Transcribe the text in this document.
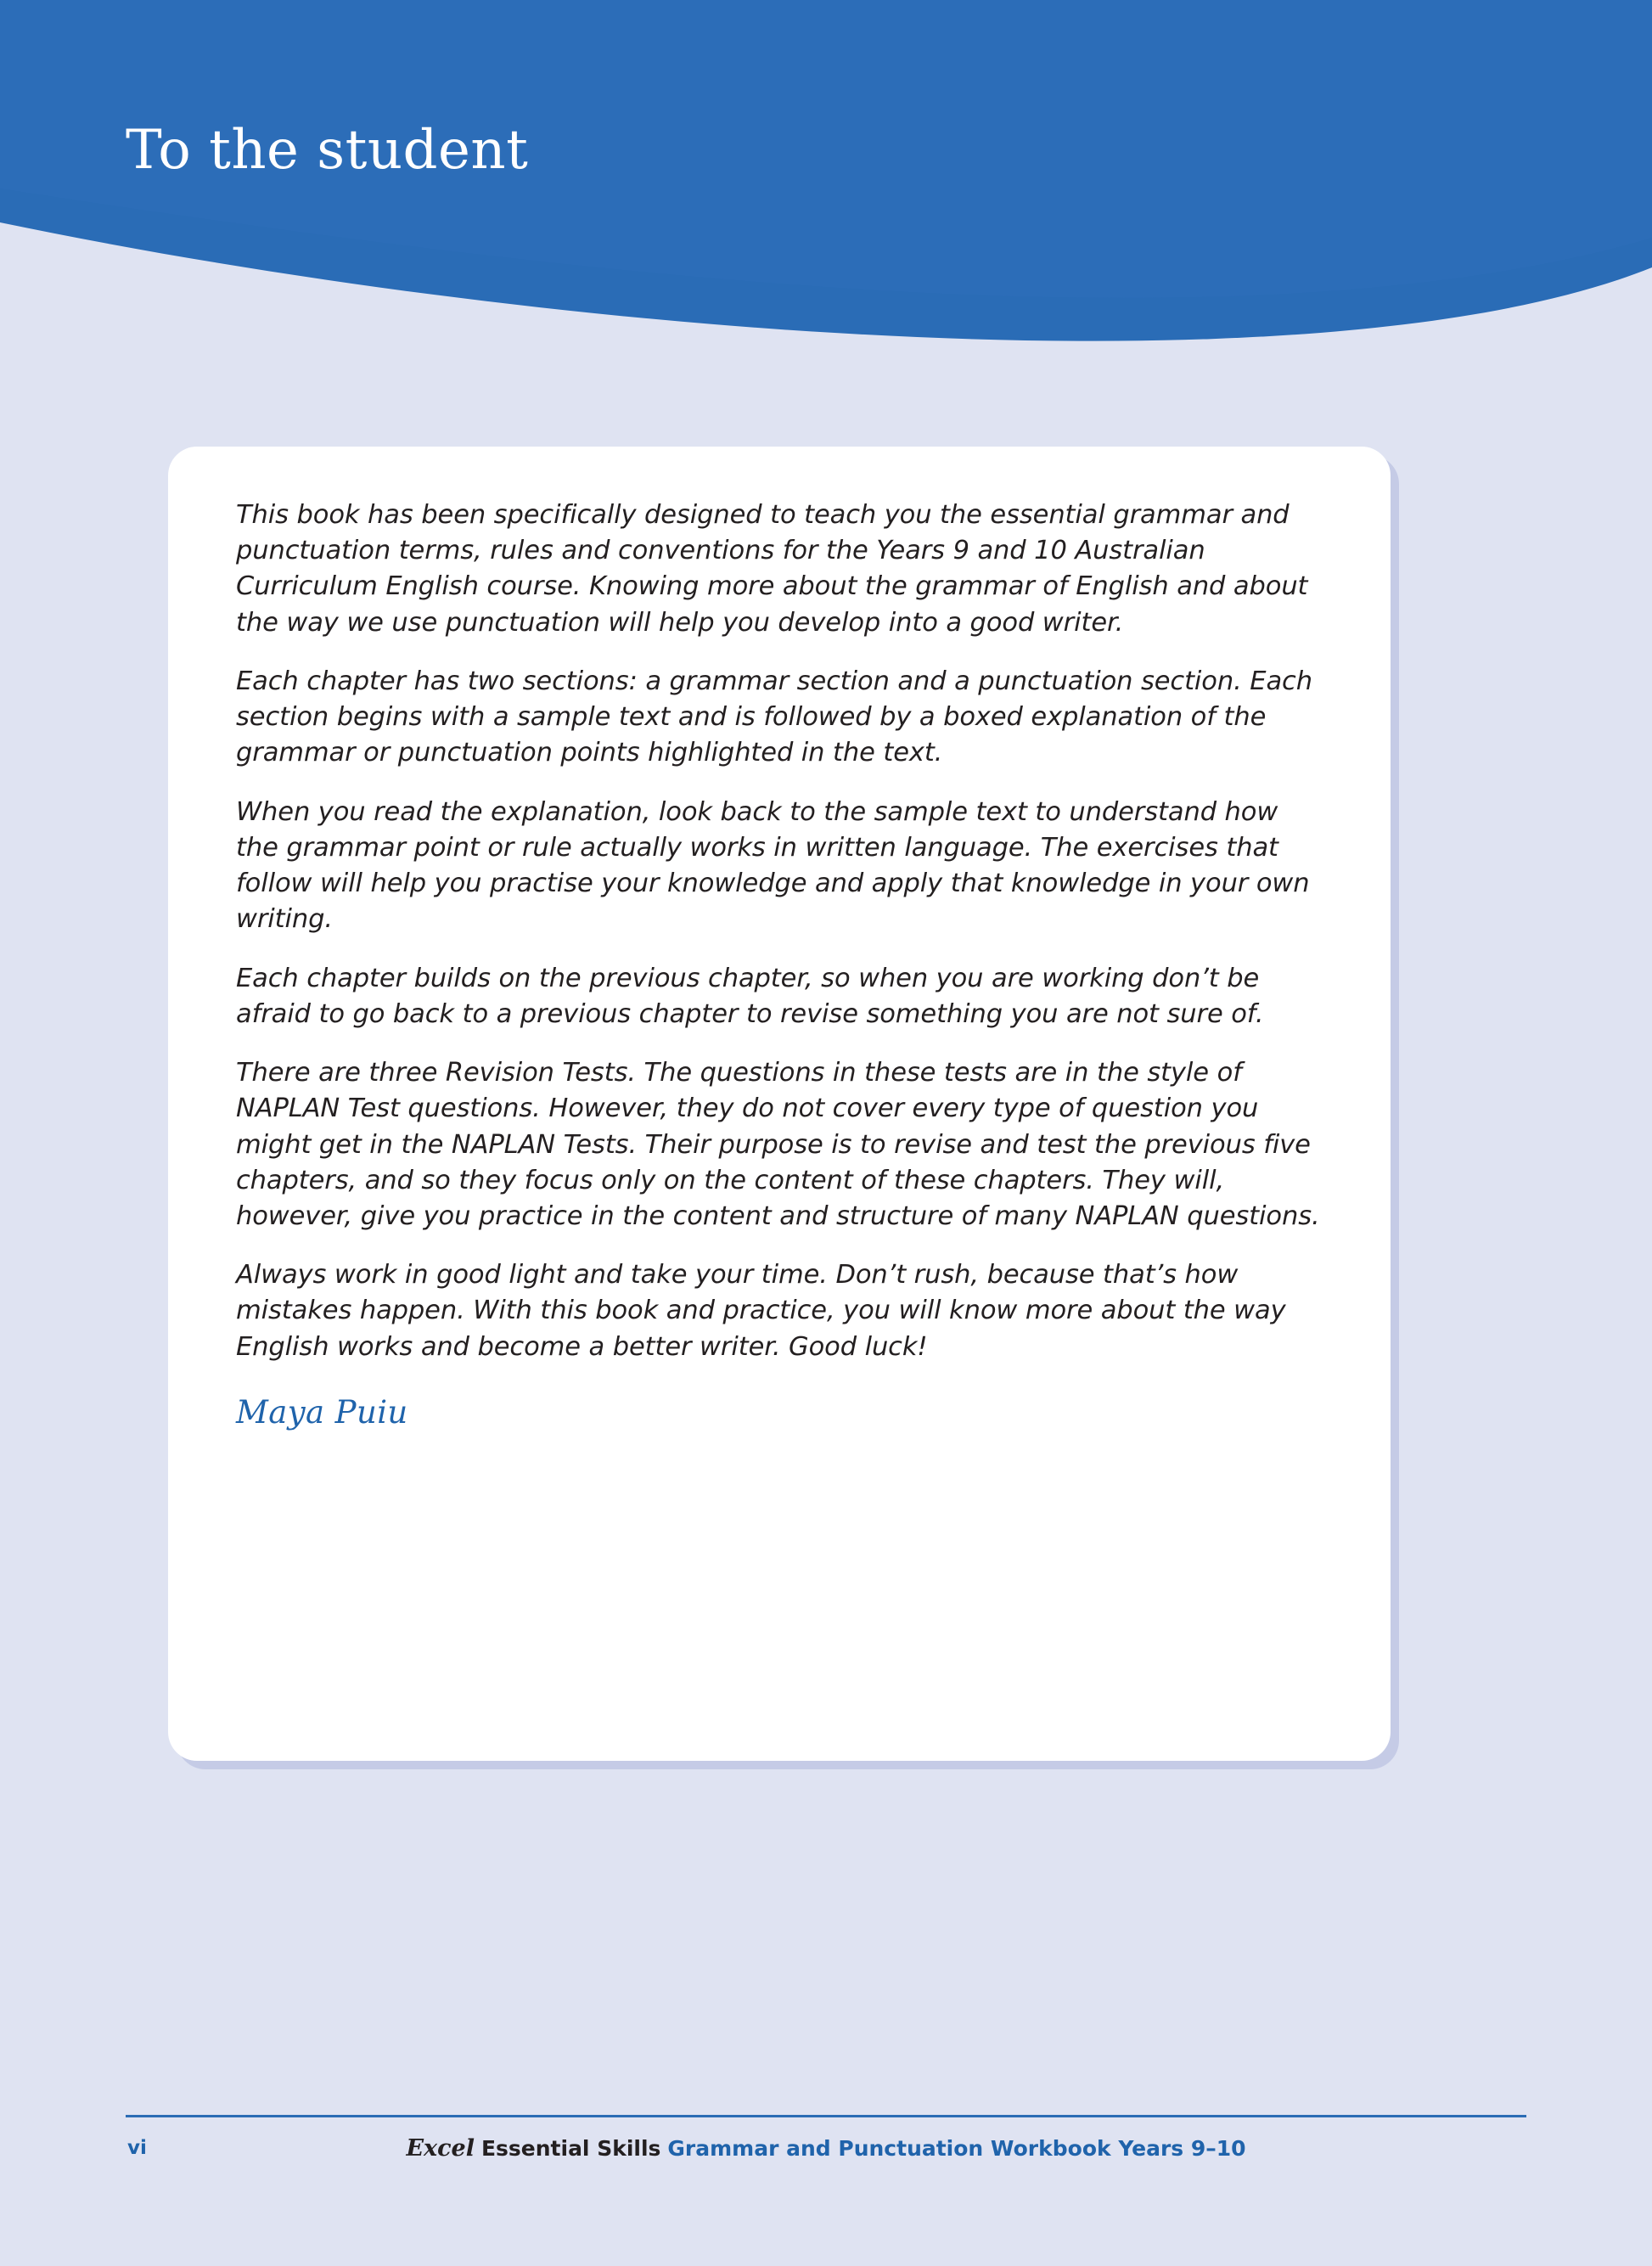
To the student

This book has been specifically designed to teach you the essential grammar and punctuation terms, rules and conventions for the Years 9 and 10 Australian Curriculum English course. Knowing more about the grammar of English and about the way we use punctuation will help you develop into a good writer.

Each chapter has two sections: a grammar section and a punctuation section. Each section begins with a sample text and is followed by a boxed explanation of the grammar or punctuation points highlighted in the text.

When you read the explanation, look back to the sample text to understand how the grammar point or rule actually works in written language. The exercises that follow will help you practise your knowledge and apply that knowledge in your own writing.

Each chapter builds on the previous chapter, so when you are working don’t be afraid to go back to a previous chapter to revise something you are not sure of.

There are three Revision Tests. The questions in these tests are in the style of NAPLAN Test questions. However, they do not cover every type of question you might get in the NAPLAN Tests. Their purpose is to revise and test the previous five chapters, and so they focus only on the content of these chapters. They will, however, give you practice in the content and structure of many NAPLAN questions.

Always work in good light and take your time. Don’t rush, because that’s how mistakes happen. With this book and practice, you will know more about the way English works and become a better writer. Good luck!

Maya Puiu

vi	Excel Essential Skills Grammar and Punctuation Workbook Years 9–10
